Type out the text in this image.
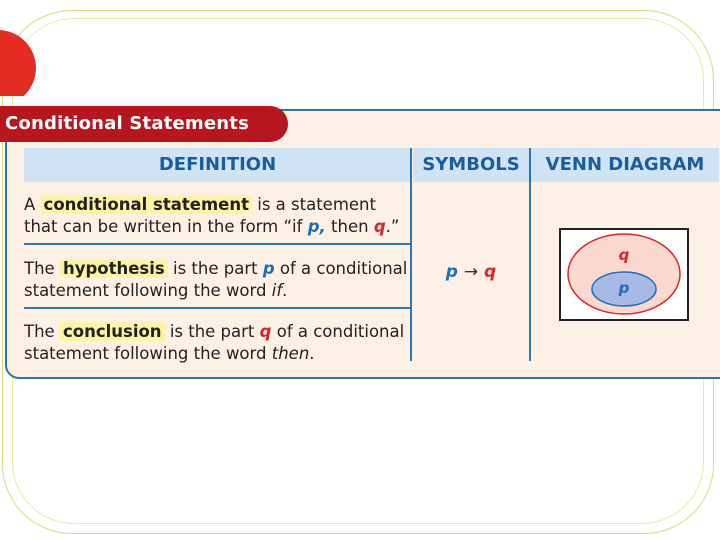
Conditional Statements
DEFINITION	SYMBOLS	VENN DIAGRAM
A conditional statement is a statement that can be written in the form “if p, then q.”
The hypothesis is the part p of a conditional statement following the word if.
The conclusion is the part q of a conditional statement following the word then.
p → q
q
p
